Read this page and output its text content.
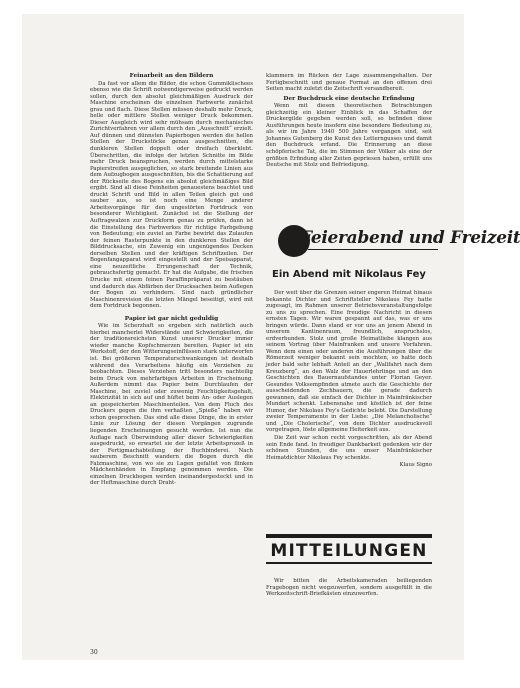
Feinarbeit an den Bildern

Da fast vor allem die Bilder, die schon Gummiklischees ebenso wie die Schrift notwendigerweise gedruckt werden sollen, durch den absolut gleichmäßigen Ausdruck der Maschine erscheinen die einzelnen Farbwerte zunächst grau und flach. Diese Stellen müssen deshalb mehr Druck, helle oder mittlere Stellen weniger Druck bekommen. Dieser Ausgleich wird sehr mühsam durch mechanisches Zurichtverfahren vor allem durch den „Ausschnitt“ erzielt. Auf dünnen und dünnsten Papierbogen werden die hellen Stellen der Druckstöcke genau ausgeschnitten, die dunkleren Stellen doppelt oder dreifach überklebt. Überschritten, die infolge der letzten Schnitte im Bilde mehr Druck beanspruchen, werden durch mittelstarke Papierstreifen ausgeglichen, so stark breitende Linien aus dem Aufzugbogen ausgeschnitten, bis die Schattierung auf der Rückseite des Bogens ein absolut gleichmäßiges Bild ergibt. Sind all diese Feinheiten genauestens beachtet und druckt Schrift und Bild in allen Teilen gleich gut und sauber aus, so ist noch eine Menge anderer Arbeitsvorgänge für den ungestörten Fortdruck von besonderer Wichtigkeit. Zunächst ist die Stellung der Auftragwalzen zur Druckform genau zu prüfen, dann ist die Einstellung des Farbwerkes für richtige Farbgebung von Bedeutung; ein zuviel an Farbe bewirkt das Zulaufen der feinen Rasterpunkte in den dunkleren Stellen der Bilddrucksache, ein Zuwenig ein ungenügendes Decken derselben Stellen und der kräftigen Schriftzeilen. Der Bogenfangapparat wird eingestellt und der Speisapparat, eine neuzeitliche Errungenschaft der Technik, gebrauchsfertig gemacht. Er hat die Aufgabe, die frischen Drucke mit einem feinen Paraffinpräparat zu bestäuben und dadurch das Abfärben der Drucksachen beim Auflegen der Bogen zu verhindern. Sind nach gründlicher Maschinenrevision die letzten Mängel beseitigt, wird mit dem Fortdruck begonnen.

Papier ist gar nicht geduldig

Wie im Scherzhaft so ergeben sich natürlich auch hierbei mancherlei Widerstände und Schwierigkeiten, die der traditionsreichsten Kunst unserer Drucker immer wieder manche Kopfschmerzen bereiten. Papier ist ein Werkstoff, der den Witterungseinflüssen stark unterworfen ist. Bei größeren Temperaturschwankungen ist deshalb während des Verarbeitens häufig ein Verziehen zu beobachten. Dieses Verziehen tritt besonders nachteilig beim Druck von mehrfarbigen Arbeiten in Erscheinung. Außerdem nimmt das Papier beim Durchlaufen der Maschine, bei zuviel oder zuwenig Feuchtigkeitsgehalt, Elektrizität in sich auf und hüftet beim An- oder Auslegen an gespeicherten Maschinenteilen. Von dem Fluch des Druckers gegen die ihm verhaßten „Spieße“ haben wir schon gesprochen. Das sind alle diese Dinge, die in erster Linie zur Lösung der diesen Vorgängen zugrunde liegenden Erscheinungen gesucht werden. Ist nun die Auflage nach Überwindung aller dieser Schwierigkeiten ausgedruckt, so erwartet sie der letzte Arbeitsprozeß in der Fertigmachabteilung der Buchbinderei. Nach sauberem Beschnitt wandern die Bogen durch die Falzmaschine, von wo sie zu Lagen gefaltet von flinken Mädchenhänden in Empfang genommen werden. Die einzelnen Druckbogen werden ineinandergesteckt und in der Heftmaschine durch Draht-

klammern im Rücken der Lage zusammengehalten. Der Fertigbeschnitt und genaue Format an den offenen drei Seiten macht zuletzt die Zeitschrift versandbereit.

Der Buchdruck eine deutsche Erfindung

Wenn mit diesen theoretischen Betrachtungen gleichzeitig ein kleiner Einblick in das Schaffen der Druckergilde gegeben werden soll, so befinden diese Ausführungen heute insofern eine besondere Bedeutung zu, als wir im Jahre 1940 500 Jahre vergangen sind, seit Johannes Gutenberg die Kunst des Letterngusses und damit den Buchdruck erfand. Die Erinnerung an diese schöpferische Tat, die im Stimmen der Völker als eine der größten Erfindung aller Zeiten gepriesen haben, erfüllt uns Deutsche mit Stolz und Befriedigung.

Feierabend und Freizeit
Ein Abend mit Nikolaus Fey

Der weit über die Grenzen seiner engeren Heimat hinaus bekannte Dichter und Schriftsteller Nikolaus Fey hatte zugesagt, im Rahmen unserer Betriebsveranstaltungsfolge zu uns zu sprechen. Eine freudige Nachricht in diesen ernsten Tagen. Wir waren gespannt auf das, was er uns bringen würde. Dann stand er vor uns an jenem Abend in unserem Kantinenraum, freundlich, anspruchslos, erdverbunden. Stolz und große Heimatliebe klangen aus seinem Vortrag über Mainfranken und unsere Vorfahren. Wenn dem einen oder anderen die Ausführungen über die Römerzeit weniger bekannt sein mochten, so hatte doch jeder bald sehr lebhaft Anteil an der „Wallfahrt nach dem Kreuzberg“, an den Walz der Hauerlehrlinge und an den Geschichten des Bauernaufstandes unter Florian Geyer. Gesundes Volksempfinden atmete auch die Geschichte der ausscheidenden Zechbauern, die gerade dadurch gewannen, daß sie einfach der Dichter in Mainfränkischer Mundart schenkt. Lebensnahe und köstlich ist der feine Humor, der Nikolaus Fey's Gedichte belebt. Die Darstellung zweier Temperamente in der Liebe: „Die Melancholische“ und „Die Cholerische“, von dem Dichter ausdrucksvoll vorgetragen, löste allgemeine Heiterkeit aus.

Die Zeit war schon recht vorgeschritten, als der Abend sein Ende fand. In freudiger Dankbarkeit gedenken wir der schönen Stunden, die uns unser Mainfränkischer Heimatdichter Nikolaus Fey schenkte.

Klaus Signo
MITTEILUNGEN

Wir bitten die Arbeitskameraden beiliegenden Fragebogen nicht wegzuwerfen, sondern ausgefüllt in die Werkzeitschrift-Briefkästen einzuwerfen.

30
